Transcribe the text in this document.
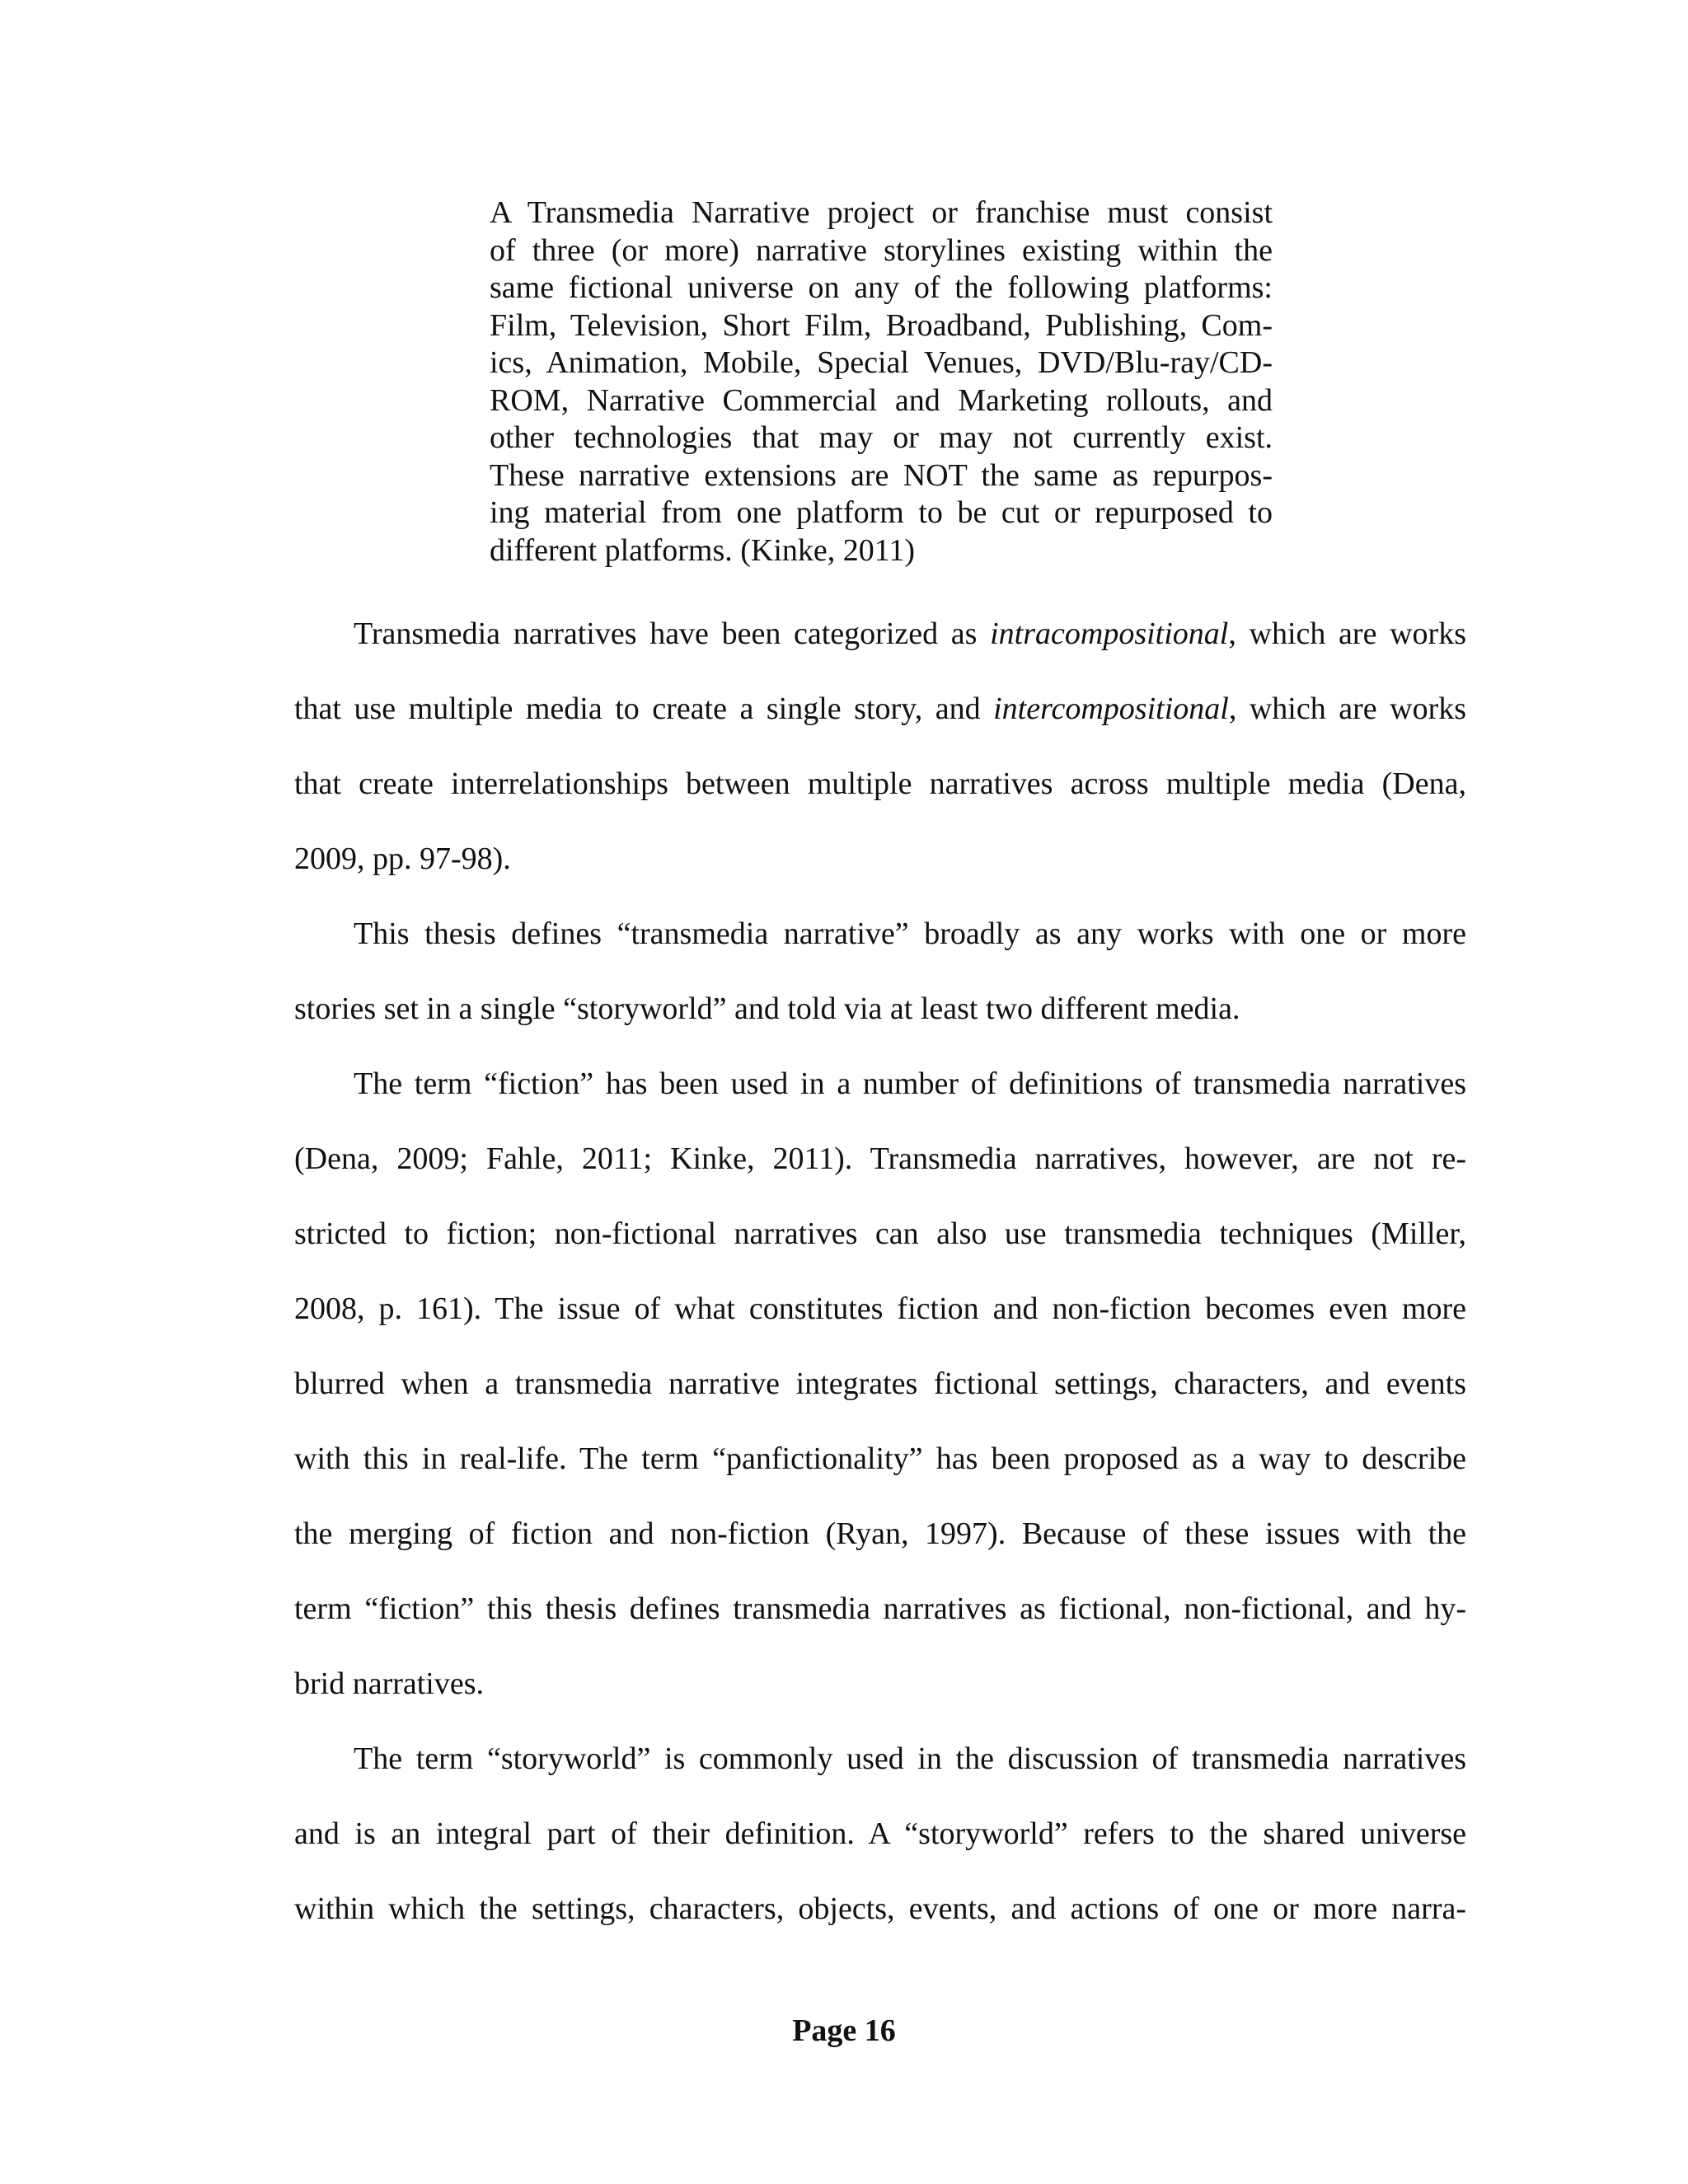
A Transmedia Narrative project or franchise must consist
of three (or more) narrative storylines existing within the
same fictional universe on any of the following platforms:
Film, Television, Short Film, Broadband, Publishing, Com-
ics, Animation, Mobile, Special Venues, DVD/Blu-ray/CD-
ROM, Narrative Commercial and Marketing rollouts, and
other technologies that may or may not currently exist.
These narrative extensions are NOT the same as repurpos-
ing material from one platform to be cut or repurposed to
different platforms. (Kinke, 2011)
Transmedia narratives have been categorized as intracompositional, which are works
that use multiple media to create a single story, and intercompositional, which are works
that create interrelationships between multiple narratives across multiple media (Dena,
2009, pp. 97-98).
This thesis defines “transmedia narrative” broadly as any works with one or more
stories set in a single “storyworld” and told via at least two different media.
The term “fiction” has been used in a number of definitions of transmedia narratives
(Dena, 2009; Fahle, 2011; Kinke, 2011). Transmedia narratives, however, are not re-
stricted to fiction; non-fictional narratives can also use transmedia techniques (Miller,
2008, p. 161). The issue of what constitutes fiction and non-fiction becomes even more
blurred when a transmedia narrative integrates fictional settings, characters, and events
with this in real-life. The term “panfictionality” has been proposed as a way to describe
the merging of fiction and non-fiction (Ryan, 1997). Because of these issues with the
term “fiction” this thesis defines transmedia narratives as fictional, non-fictional, and hy-
brid narratives.
The term “storyworld” is commonly used in the discussion of transmedia narratives
and is an integral part of their definition. A “storyworld” refers to the shared universe
within which the settings, characters, objects, events, and actions of one or more narra-
Page 16
